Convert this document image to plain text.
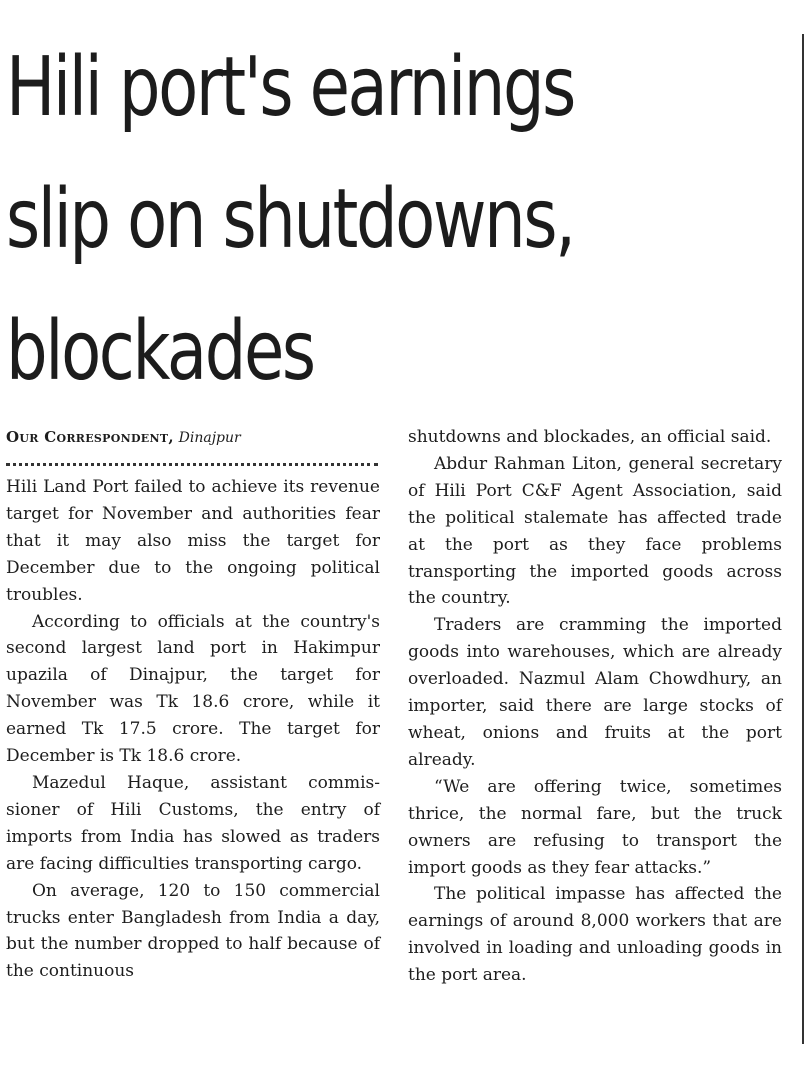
Hili port's earnings
slip on shutdowns,
blockades
Our Correspondent, Dinajpur

Hili Land Port failed to achieve its revenue target for November and authorities fear that it may also miss the target for December due to the ongoing political troubles.

According to officials at the country's second largest land port in Hakimpur upazila of Dinajpur, the target for November was Tk 18.6 crore, while it earned Tk 17.5 crore. The target for December is Tk 18.6 crore.

Mazedul Haque, assistant commissioner of Hili Customs, the entry of imports from India has slowed as traders are facing difficulties transporting cargo.

On average, 120 to 150 commercial trucks enter Bangladesh from India a day, but the number dropped to half because of the continuous

shutdowns and blockades, an official said.

Abdur Rahman Liton, general secretary of Hili Port C&F Agent Association, said the political stalemate has affected trade at the port as they face problems transporting the imported goods across the country.

Traders are cramming the imported goods into warehouses, which are already overloaded. Nazmul Alam Chowdhury, an importer, said there are large stocks of wheat, onions and fruits at the port already.

“We are offering twice, sometimes thrice, the normal fare, but the truck owners are refusing to transport the import goods as they fear attacks.”

The political impasse has affected the earnings of around 8,000 workers that are involved in loading and unloading goods in the port area.
